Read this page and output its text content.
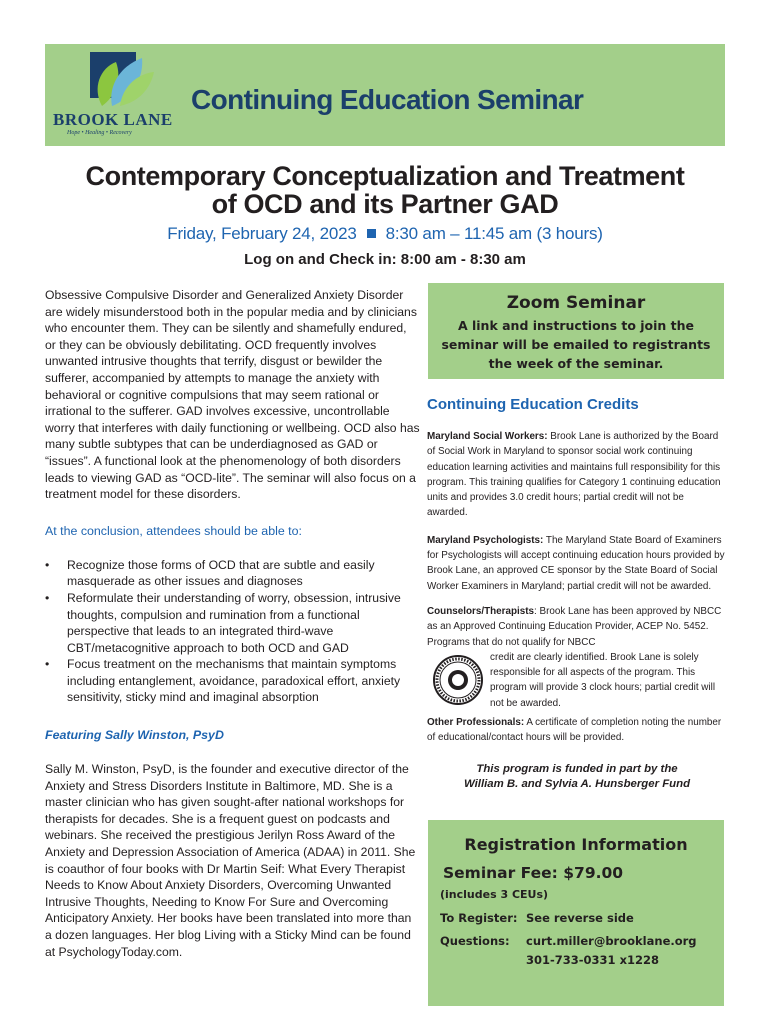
BROOK LANE
Hope • Healing • Recovery
Continuing Education Seminar
Contemporary Conceptualization and Treatment
of OCD and its Partner GAD
Friday, February 24, 2023 8:30 am – 11:45 am (3 hours)
Log on and Check in: 8:00 am - 8:30 am

Obsessive Compulsive Disorder and Generalized Anxiety Disorder are widely misunderstood both in the popular media and by clinicians who encounter them. They can be silently and shamefully endured, or they can be obviously debilitating. OCD frequently involves unwanted intrusive thoughts that terrify, disgust or bewilder the sufferer, accompanied by attempts to manage the anxiety with behavioral or cognitive compulsions that may seem rational or irrational to the sufferer. GAD involves excessive, uncontrollable worry that interferes with daily functioning or wellbeing. OCD also has many subtle subtypes that can be underdiagnosed as GAD or “issues”. A functional look at the phenomenology of both disorders leads to viewing GAD as “OCD-lite”. The seminar will also focus on a treatment model for these disorders.

At the conclusion, attendees should be able to:

• Recognize those forms of OCD that are subtle and easily masquerade as other issues and diagnoses
• Reformulate their understanding of worry, obsession, intrusive thoughts, compulsion and rumination from a functional perspective that leads to an integrated third-wave CBT/metacognitive approach to both OCD and GAD
• Focus treatment on the mechanisms that maintain symptoms including entanglement, avoidance, paradoxical effort, anxiety sensitivity, sticky mind and imaginal absorption

Featuring Sally Winston, PsyD

Sally M. Winston, PsyD, is the founder and executive director of the Anxiety and Stress Disorders Institute in Baltimore, MD. She is a master clinician who has given sought-after national workshops for therapists for decades. She is a frequent guest on podcasts and webinars. She received the prestigious Jerilyn Ross Award of the Anxiety and Depression Association of America (ADAA) in 2011. She is coauthor of four books with Dr Martin Seif: What Every Therapist Needs to Know About Anxiety Disorders, Overcoming Unwanted Intrusive Thoughts, Needing to Know For Sure and Overcoming Anticipatory Anxiety. Her books have been translated into more than a dozen languages. Her blog Living with a Sticky Mind can be found at PsychologyToday.com.

Zoom Seminar
A link and instructions to join the seminar will be emailed to registrants the week of the seminar.

Continuing Education Credits

Maryland Social Workers: Brook Lane is authorized by the Board of Social Work in Maryland to sponsor social work continuing education learning activities and maintains full responsibility for this program. This training qualifies for Category 1 continuing education units and provides 3.0 credit hours; partial credit will not be awarded.

Maryland Psychologists: The Maryland State Board of Examiners for Psychologists will accept continuing education hours provided by Brook Lane, an approved CE sponsor by the State Board of Social Worker Examiners in Maryland; partial credit will not be awarded.

Counselors/Therapists: Brook Lane has been approved by NBCC as an Approved Continuing Education Provider, ACEP No. 5452. Programs that do not qualify for NBCC

credit are clearly identified. Brook Lane is solely responsible for all aspects of the program. This program will provide 3 clock hours; partial credit will not be awarded.

Other Professionals: A certificate of completion noting the number of educational/contact hours will be provided.

This program is funded in part by the
William B. and Sylvia A. Hunsberger Fund
Registration Information
Seminar Fee: $79.00
(includes 3 CEUs)
To Register: See reverse side
Questions: curt.miller@brooklane.org
301-733-0331 x1228
